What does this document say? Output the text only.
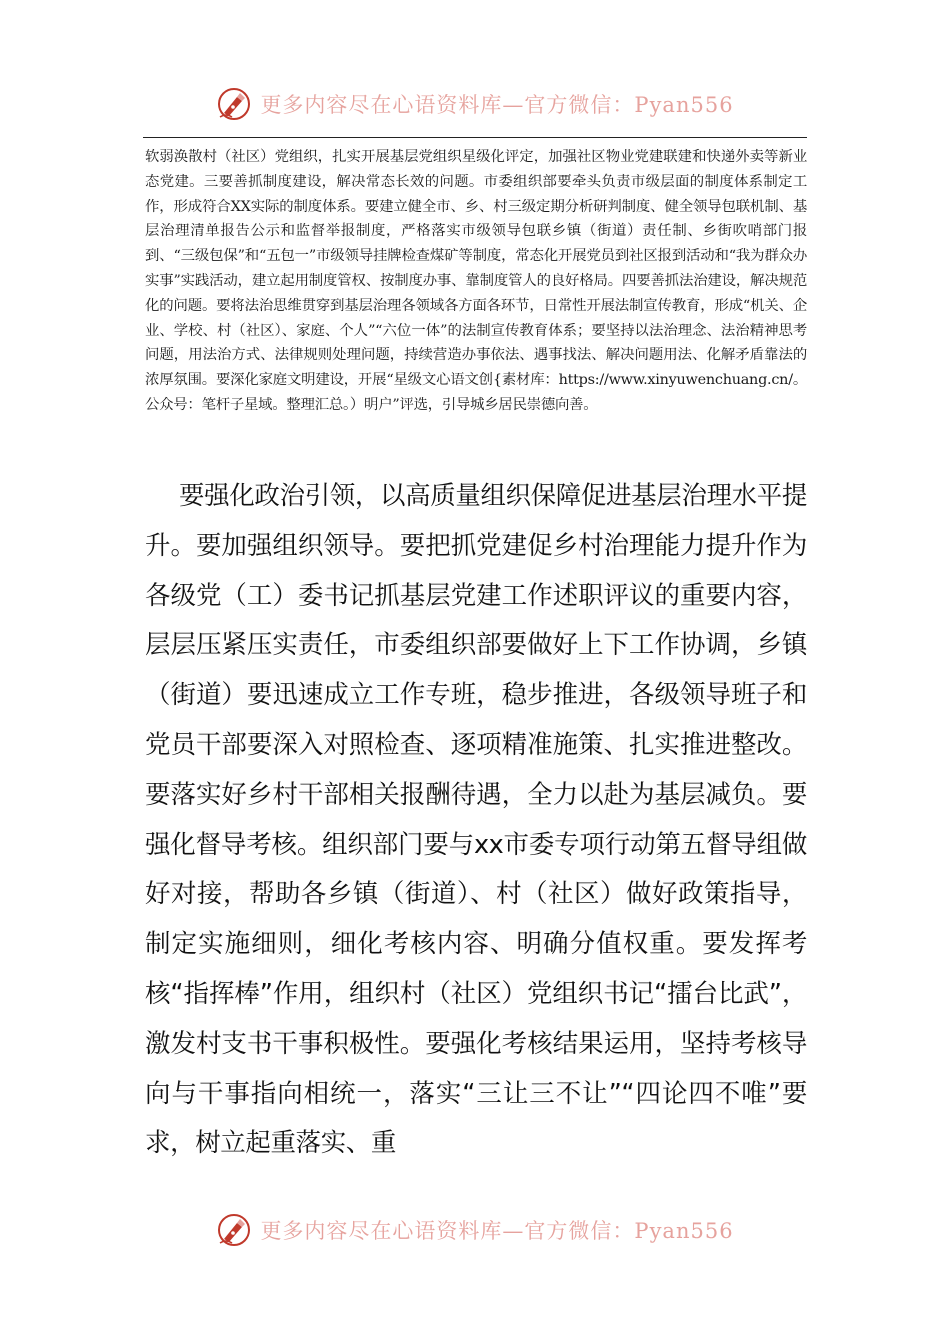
更多内容尽在心语资料库—官方微信：Pyan556

软弱涣散村（社区）党组织，扎实开展基层党组织星级化评定，加强社区物业党建联建和快递外卖等新业态党建。三要善抓制度建设，解决常态长效的问题。市委组织部要牵头负责市级层面的制度体系制定工作，形成符合XX实际的制度体系。要建立健全市、乡、村三级定期分析研判制度、健全领导包联机制、基层治理清单报告公示和监督举报制度，严格落实市级领导包联乡镇（街道）责任制、乡街吹哨部门报到、“三级包保”和“五包一”市级领导挂牌检查煤矿等制度，常态化开展党员到社区报到活动和“我为群众办实事”实践活动，建立起用制度管权、按制度办事、靠制度管人的良好格局。四要善抓法治建设，解决规范化的问题。要将法治思维贯穿到基层治理各领域各方面各环节，日常性开展法制宣传教育，形成“机关、企业、学校、村（社区）、家庭、个人”“六位一体”的法制宣传教育体系；要坚持以法治理念、法治精神思考问题，用法治方式、法律规则处理问题，持续营造办事依法、遇事找法、解决问题用法、化解矛盾靠法的浓厚氛围。要深化家庭文明建设，开展“星级文心语文创{素材库：https://www.xinyuwenchuang.cn/。公众号：笔杆子星域。整理汇总。）明户”评选，引导城乡居民崇德向善。

要强化政治引领，以高质量组织保障促进基层治理水平提升。要加强组织领导。要把抓党建促乡村治理能力提升作为各级党（工）委书记抓基层党建工作述职评议的重要内容，层层压紧压实责任，市委组织部要做好上下工作协调，乡镇（街道）要迅速成立工作专班，稳步推进，各级领导班子和党员干部要深入对照检查、逐项精准施策、扎实推进整改。要落实好乡村干部相关报酬待遇，全力以赴为基层减负。要强化督导考核。组织部门要与xx市委专项行动第五督导组做好对接，帮助各乡镇（街道）、村（社区）做好政策指导，制定实施细则，细化考核内容、明确分值权重。要发挥考核“指挥棒”作用，组织村（社区）党组织书记“擂台比武”，激发村支书干事积极性。要强化考核结果运用，坚持考核导向与干事指向相统一，落实“三让三不让”“四论四不唯”要求，树立起重落实、重

更多内容尽在心语资料库—官方微信：Pyan556
